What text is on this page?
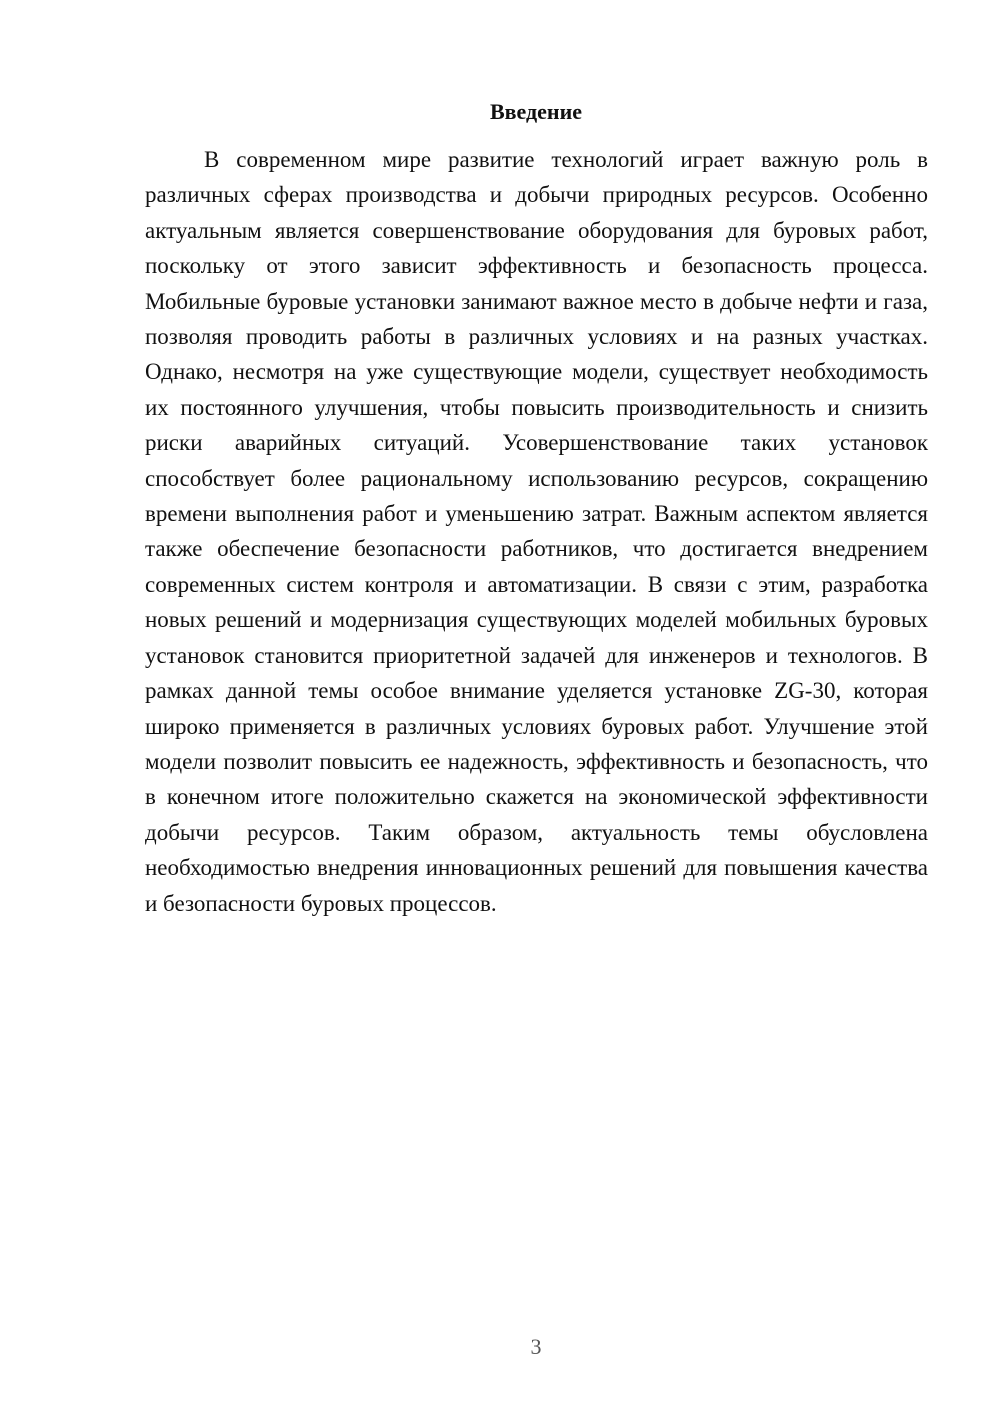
Введение

В современном мире развитие технологий играет важную роль в различных сферах производства и добычи природных ресурсов. Особенно актуальным является совершенствование оборудования для буровых работ, поскольку от этого зависит эффективность и безопасность процесса. Мобильные буровые установки занимают важное место в добыче нефти и газа, позволяя проводить работы в различных условиях и на разных участках. Однако, несмотря на уже существующие модели, существует необходимость их постоянного улучшения, чтобы повысить производительность и снизить риски аварийных ситуаций. Усовершенствование таких установок способствует более рациональному использованию ресурсов, сокращению времени выполнения работ и уменьшению затрат. Важным аспектом является также обеспечение безопасности работников, что достигается внедрением современных систем контроля и автоматизации. В связи с этим, разработка новых решений и модернизация существующих моделей мобильных буровых установок становится приоритетной задачей для инженеров и технологов. В рамках данной темы особое внимание уделяется установке ZG-30, которая широко применяется в различных условиях буровых работ. Улучшение этой модели позволит повысить ее надежность, эффективность и безопасность, что в конечном итоге положительно скажется на экономической эффективности добычи ресурсов. Таким образом, актуальность темы обусловлена необходимостью внедрения инновационных решений для повышения качества и безопасности буровых процессов.

3
